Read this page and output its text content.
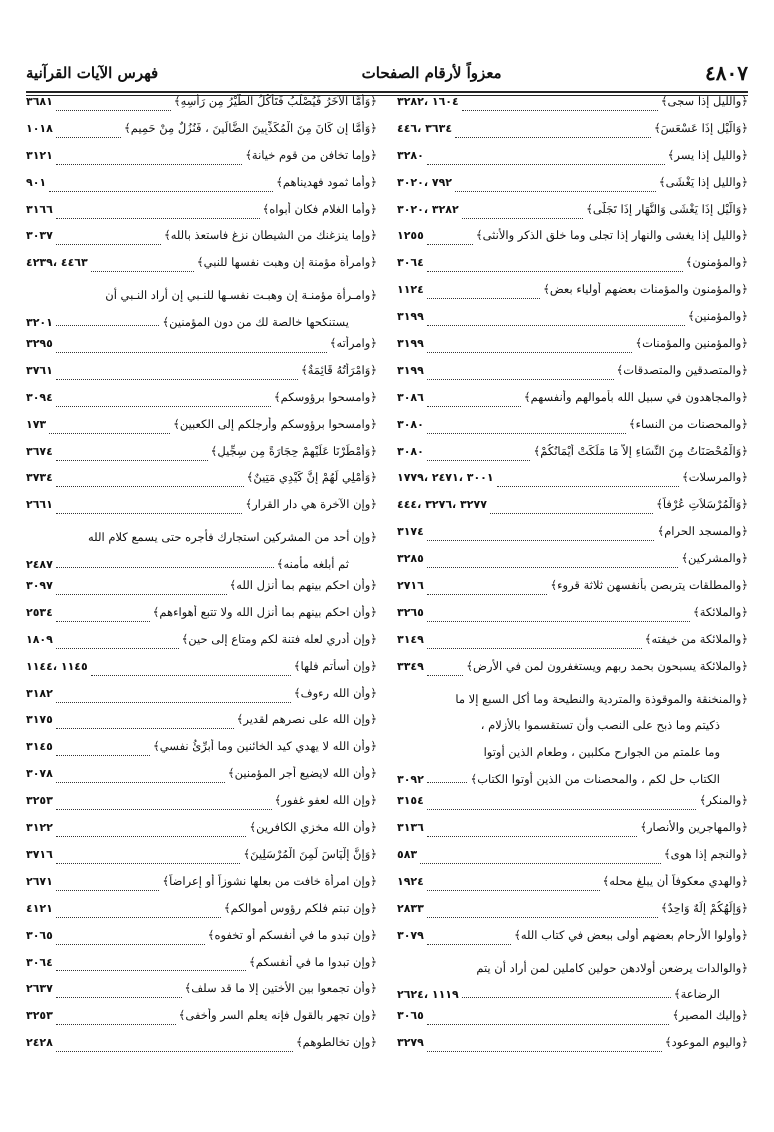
فهرس الآيات القرآنية	معزواً لأرقام الصفحات	٤٨٠٧
﴿والليل إذا سجى﴾
١٦٠٤ ،٣٢٨٢
﴿وَالَّيْلِ إِذَا عَسْعَسَ﴾
٣٦٣٤ ،٤٤٦
﴿والليل إذا يسر﴾
٣٢٨٠
﴿والليل إذا يَغْشَى﴾
٧٩٢ ،٣٠٢٠
﴿وَالَّيْلِ إِذَا يَغْشَى وَالنَّهَارِ إِذَا تَجَلَّى﴾
٣٢٨٢ ،٣٠٢٠
﴿والليل إذا يغشى والنهار إذا تجلى وما خلق الذكر والأنثى﴾
١٢٥٥
﴿والمؤمنون﴾
٣٠٦٤
﴿والمؤمنون والمؤمنات بعضهم أولياء بعض﴾
١١٢٤
﴿والمؤمنين﴾
٣١٩٩
﴿والمؤمنين والمؤمنات﴾
٣١٩٩
﴿والمتصدقين والمتصدقات﴾
٣١٩٩
﴿والمجاهدون في سبيل الله بأموالهم وأنفسهم﴾
٣٠٨٦
﴿والمحصنات من النساء﴾
٣٠٨٠
﴿وَالْمُحْصَنَاتُ مِنَ النِّسَاءِ إِلاَّ مَا مَلَكَتْ أَيْمَانُكُمْ﴾
٣٠٨٠
﴿والمرسلات﴾
٣٠٠١ ،٢٤٧١ ،١٧٧٩
﴿وَالْمُرْسَلاَتِ عُرْفاً﴾
٣٢٧٧ ،٣٢٧٦ ،٤٤٤
﴿والمسجد الحرام﴾
٣١٧٤
﴿والمشركين﴾
٣٢٨٥
﴿والمطلقات يتربصن بأنفسهن ثلاثة قروء﴾
٢٧١٦
﴿والملائكة﴾
٣٢٦٥
﴿والملائكة من خيفته﴾
٣١٤٩
﴿والملائكة يسبحون بحمد ربهم ويستغفرون لمن في الأرض﴾
٣٣٤٩
﴿والمنخنقة والموقوذة والمتردية والنطيحة وما أكل السبع إلا ما
ذكيتم وما ذبح على النصب وأن تستقسموا بالأزلام ،
وما علمتم من الجوارح مكلبين ، وطعام الذين أوتوا
الكتاب حل لكم ، والمحصنات من الذين أوتوا الكتاب﴾
٣٠٩٢
﴿والمنكر﴾
٣١٥٤
﴿والمهاجرين والأنصار﴾
٣١٣٦
﴿والنجم إذا هوى﴾
٥٨٣
﴿والهدي معكوفاً أن يبلغ محله﴾
١٩٢٤
﴿وَإِلَهُكُمْ إِلَهٌ وَاحِدٌ﴾
٢٨٣٣
﴿وأولوا الأرحام بعضهم أولى ببعض في كتاب الله﴾
٣٠٧٩
﴿والوالدات يرضعن أولادهن حولين كاملين لمن أراد أن يتم
الرضاعة﴾
١١١٩ ،٢٦٢٤
﴿وإليك المصير﴾
٣٠٦٥
﴿واليوم الموعود﴾
٣٢٧٩
﴿وَأَمَّا الآخَرُ فَيُصْلَبُ فَتَأْكُلُ الطَّيْرُ مِن رَأْسِهِ﴾
٣٦٨١
﴿وَأَمَّا إِن كَانَ مِنَ الْمُكَذِّبِينَ الضَّالِّينَ ، فَنُزُلٌ مِنْ حَمِيمٍ﴾
١٠١٨
﴿وإما تخافن من قوم خيانة﴾
٣١٢١
﴿وأما ثمود فهديناهم﴾
٩٠١
﴿وأما الغلام فكان أبواه﴾
٣١٦٦
﴿وإما ينزغنك من الشيطان نزغ فاستعذ بالله﴾
٣٠٣٧
﴿وامرأة مؤمنة إن وهبت نفسها للنبي﴾
٤٤٦٣ ،٤٢٣٩
﴿وامـرأة مؤمنـة إن وهبـت نفسـها للنـبي إن أراد النـبي أن
يستنكحها خالصة لك من دون المؤمنين﴾
٣٢٠١
﴿وامرأته﴾
٣٢٩٥
﴿وَامْرَأَتُهُ قَائِمَةٌ﴾
٣٧٦١
﴿وامسحوا برؤوسكم﴾
٣٠٩٤
﴿وامسحوا برؤوسكم وأرجلكم إلى الكعبين﴾
١٧٣
﴿وَأَمْطَرْنَا عَلَيْهِمْ حِجَارَةً مِن سِجِّيلٍ﴾
٣٦٧٤
﴿وَأُمْلِي لَهُمْ إِنَّ كَيْدِي مَتِينٌ﴾
٣٧٣٤
﴿وإن الآخرة هي دار القرار﴾
٢٦٦١
﴿وإن أحد من المشركين استجارك فأجره حتى يسمع كلام الله
ثم أبلغه مأمنه﴾
٢٤٨٧
﴿وأن احكم بينهم بما أنزل الله﴾
٣٠٩٧
﴿وأن احكم بينهم بما أنزل الله ولا تتبع أهواءهم﴾
٢٥٣٤
﴿وإن أدري لعله فتنة لكم ومتاع إلى حين﴾
١٨٠٩
﴿وإن أسأتم فلها﴾
١١٤٥ ،١١٤٤
﴿وأن الله رءوف﴾
٣١٨٢
﴿وإن الله على نصرهم لقدير﴾
٣١٧٥
﴿وأن الله لا يهدي كيد الخائنين وما أُبرِّئُ نفسي﴾
٣١٤٥
﴿وأن الله لايضيع أجر المؤمنين﴾
٣٠٧٨
﴿وإن الله لعفو غفور﴾
٣٢٥٣
﴿وأن الله مخزي الكافرين﴾
٣١٢٢
﴿وَإِنَّ إِلْيَاسَ لَمِنَ الْمُرْسَلِينَ﴾
٣٧١٦
﴿وإن امرأة خافت من بعلها نشوزاً أو إعراضاً﴾
٢٦٧١
﴿وإن تبتم فلكم رؤوس أموالكم﴾
٤١٢١
﴿وإن تبدو ما في أنفسكم أو تخفوه﴾
٣٠٦٥
﴿وإن تبدوا ما في أنفسكم﴾
٣٠٦٤
﴿وأن تجمعوا بين الأختين إلا ما قد سلف﴾
٢٦٣٧
﴿وإن تجهر بالقول فإنه يعلم السر وأخفى﴾
٣٢٥٣
﴿وإن تخالطوهم﴾
٢٤٢٨
